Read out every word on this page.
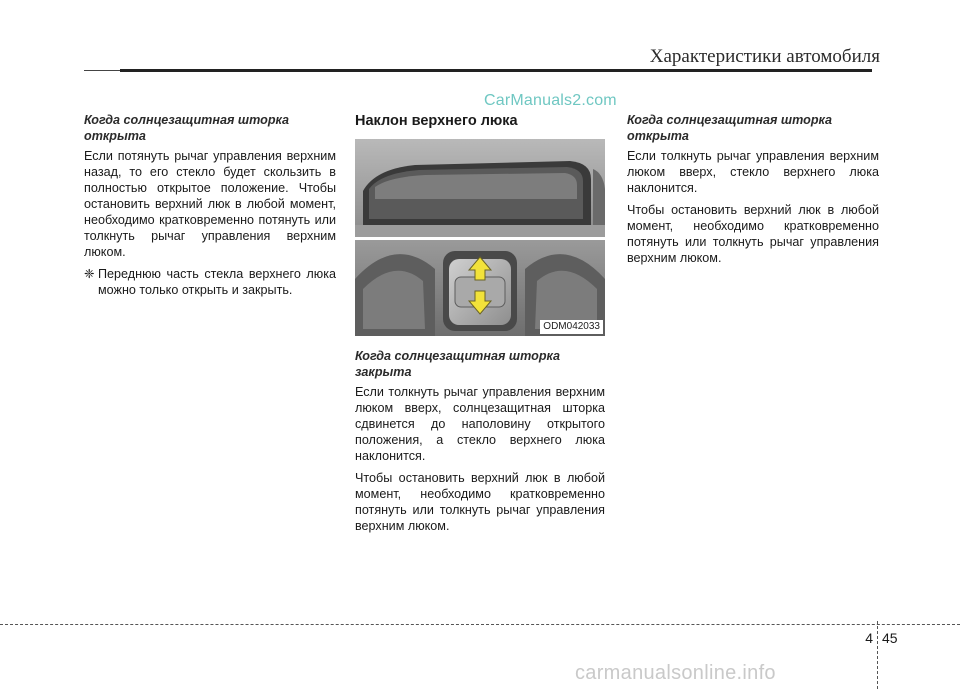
Характеристики автомобиля
CarManuals2.com
Когда солнцезащитная шторка открыта
Если потянуть рычаг управления верхним назад, то его стекло будет скользить в полностью открытое положение. Чтобы остановить верхний люк в любой момент, необходимо кратковременно потянуть или толкнуть рычаг управления верхним люком.
❈ Переднюю часть стекла верхнего люка можно только открыть и закрыть.
Наклон верхнего люка
ODM042033
Когда солнцезащитная шторка закрыта
Если толкнуть рычаг управления верхним люком вверх, солнцезащитная шторка сдвинется до наполовину открытого положения, а стекло верхнего люка наклонится.
Чтобы остановить верхний люк в любой момент, необходимо кратковременно потянуть или толкнуть рычаг управления верхним люком.
Когда солнцезащитная шторка открыта
Если толкнуть рычаг управления верхним люком вверх, стекло верхнего люка наклонится.
Чтобы остановить верхний люк в любой момент, необходимо кратковременно потянуть или толкнуть рычаг управления верхним люком.
4 45
carmanualsonline.info
